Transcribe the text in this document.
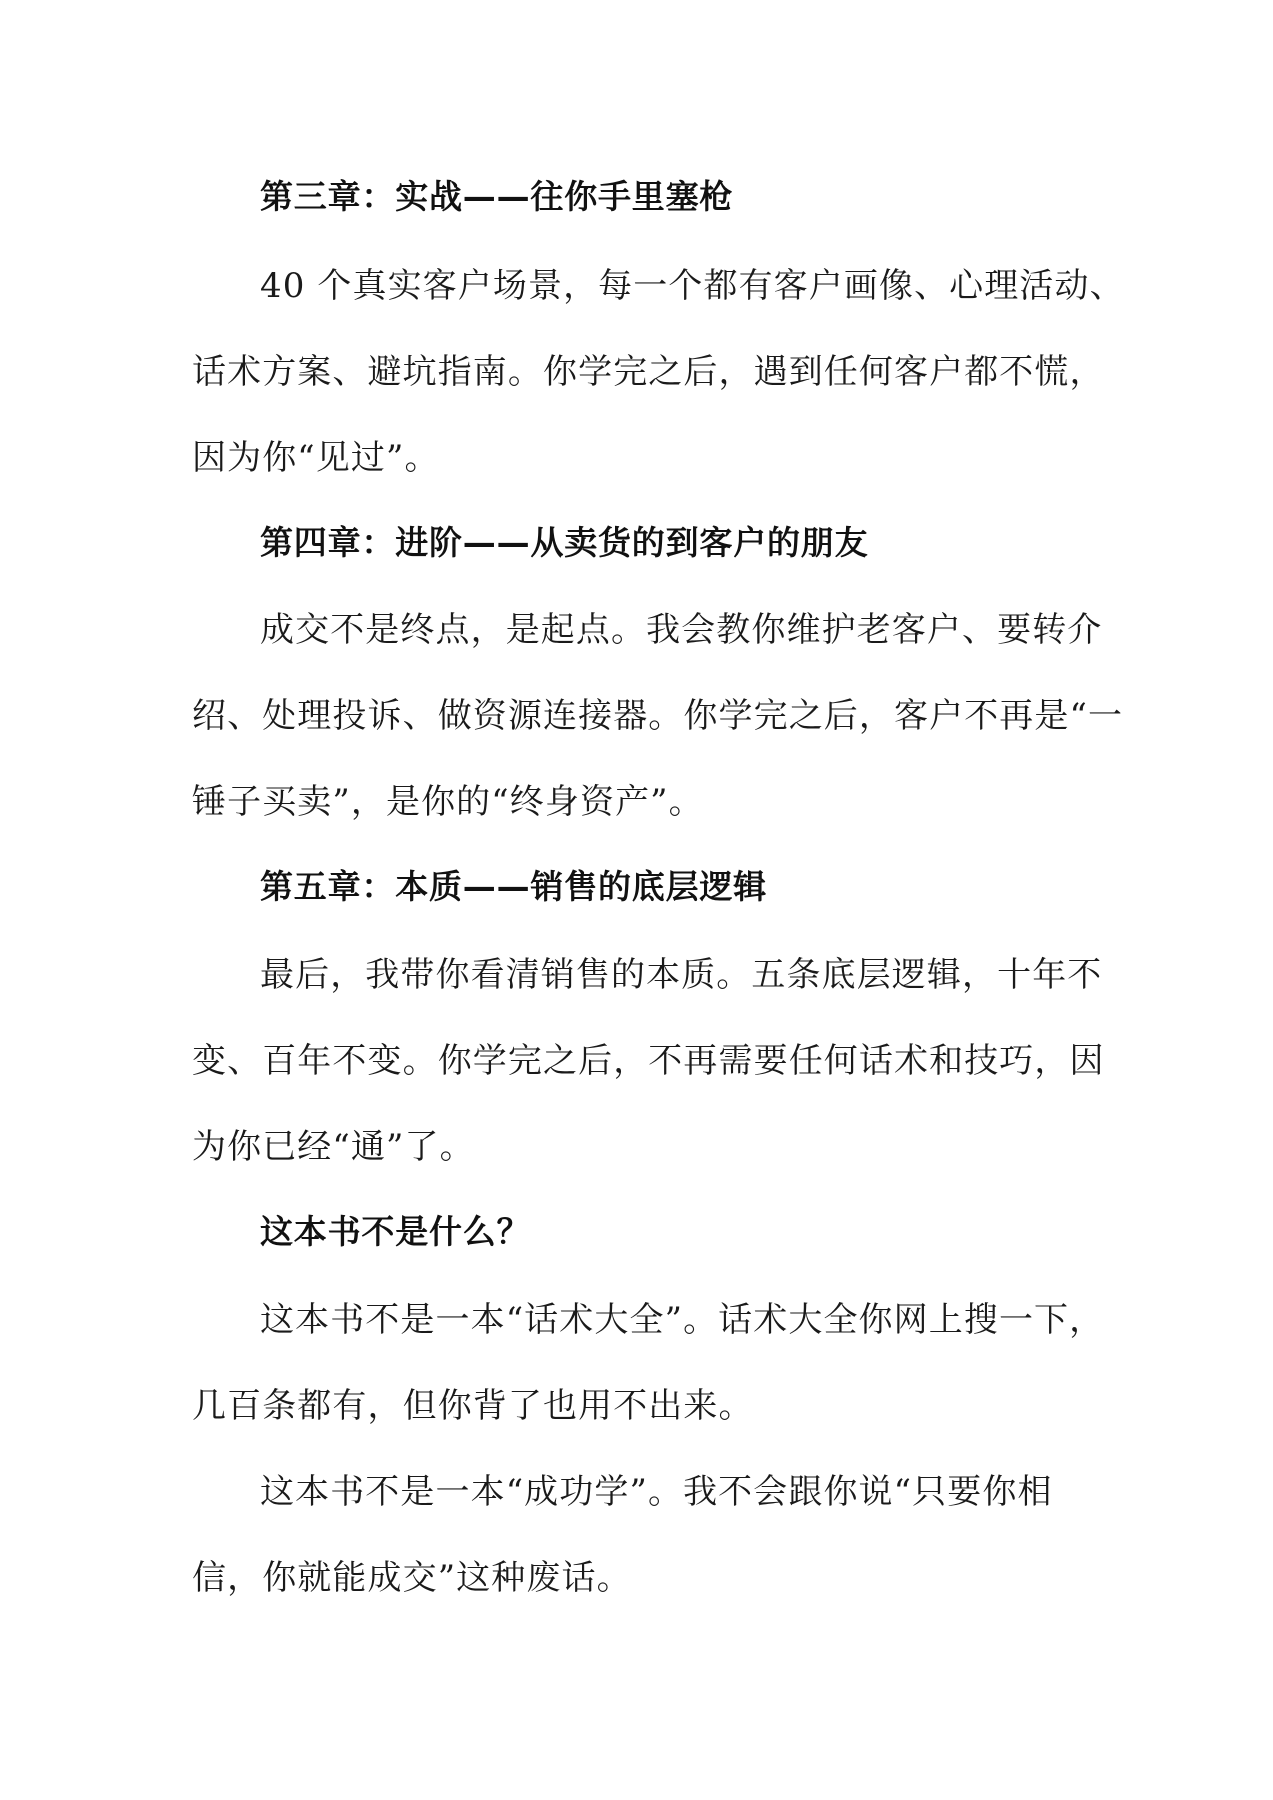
第三章：实战——往你手里塞枪
40 个真实客户场景，每一个都有客户画像、心理活动、
话术方案、避坑指南。你学完之后，遇到任何客户都不慌，
因为你“见过”。
第四章：进阶——从卖货的到客户的朋友
成交不是终点，是起点。我会教你维护老客户、要转介
绍、处理投诉、做资源连接器。你学完之后，客户不再是“一
锤子买卖”，是你的“终身资产”。
第五章：本质——销售的底层逻辑
最后，我带你看清销售的本质。五条底层逻辑，十年不
变、百年不变。你学完之后，不再需要任何话术和技巧，因
为你已经“通”了。
这本书不是什么？
这本书不是一本“话术大全”。话术大全你网上搜一下，
几百条都有，但你背了也用不出来。
这本书不是一本“成功学”。我不会跟你说“只要你相
信，你就能成交”这种废话。
